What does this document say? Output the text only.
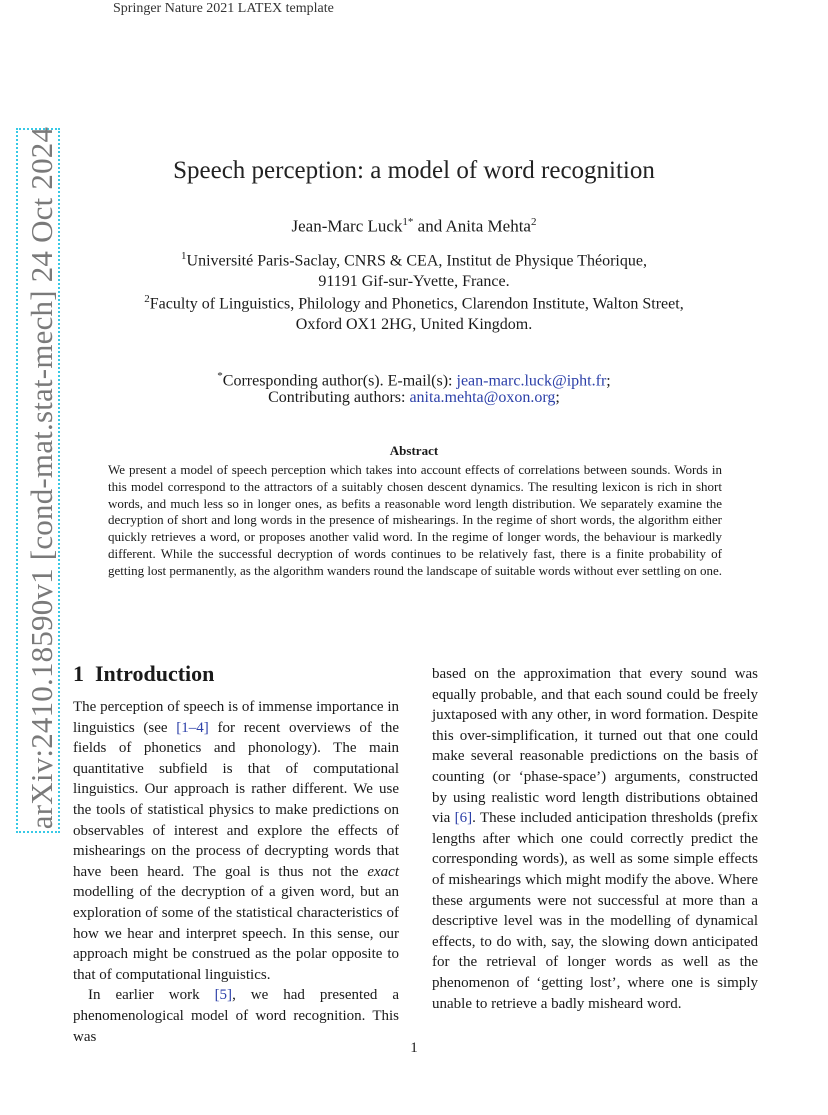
Springer Nature 2021 LATEX template
arXiv:2410.18590v1 [cond-mat.stat-mech] 24 Oct 2024	Speech perception: a model of word recognition
Jean-Marc Luck$^{1*}$ and Anita Mehta$^2$
$^1$Université Paris-Saclay, CNRS & CEA, Institut de Physique Théorique,
91191 Gif-sur-Yvette, France.
$^2$Faculty of Linguistics, Philology and Phonetics, Clarendon Institute, Walton Street,
Oxford OX1 2HG, United Kingdom.
*Corresponding author(s). E-mail(s): jean-marc.luck@ipht.fr;
Contributing authors: anita.mehta@oxon.org;
Abstract
We present a model of speech perception which takes into account effects of correlations between sounds. Words in this model correspond to the attractors of a suitably chosen descent dynamics. The resulting lexicon is rich in short words, and much less so in longer ones, as befits a reasonable word length distribution. We separately examine the decryption of short and long words in the presence of mishearings. In the regime of short words, the algorithm either quickly retrieves a word, or proposes another valid word. In the regime of longer words, the behaviour is markedly different. While the successful decryption of words continues to be relatively fast, there is a finite probability of getting lost permanently, as the algorithm wanders round the landscape of suitable words without ever settling on one.
1 Introduction

The perception of speech is of immense importance in linguistics (see [1–4] for recent overviews of the fields of phonetics and phonology). The main quantitative subfield is that of computational linguistics. Our approach is rather different. We use the tools of statistical physics to make predictions on observables of interest and explore the effects of mishearings on the process of decrypting words that have been heard. The goal is thus not the exact modelling of the decryption of a given word, but an exploration of some of the statistical characteristics of how we hear and interpret speech. In this sense, our approach might be construed as the polar opposite to that of computational linguistics.

In earlier work [5], we had presented a phenomenological model of word recognition. This was

based on the approximation that every sound was equally probable, and that each sound could be freely juxtaposed with any other, in word formation. Despite this over-simplification, it turned out that one could make several reasonable predictions on the basis of counting (or ‘phase-space’) arguments, constructed by using realistic word length distributions obtained via [6]. These included anticipation thresholds (prefix lengths after which one could correctly predict the corresponding words), as well as some simple effects of mishearings which might modify the above. Where these arguments were not successful at more than a descriptive level was in the modelling of dynamical effects, to do with, say, the slowing down anticipated for the retrieval of longer words as well as the phenomenon of ‘getting lost’, where one is simply unable to retrieve a badly misheard word.

1
